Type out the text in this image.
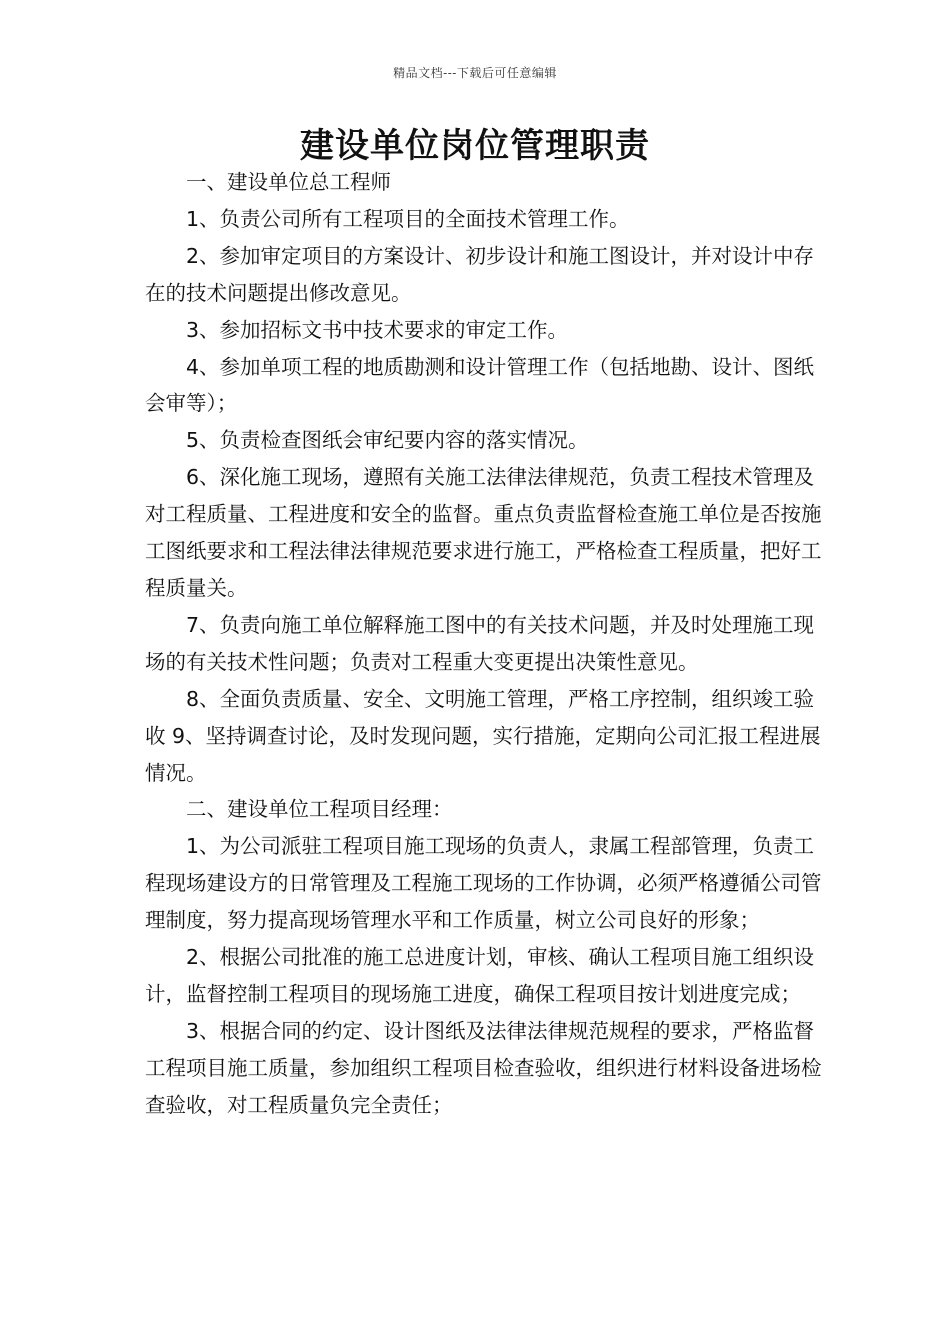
精品文档---下载后可任意编辑
建设单位岗位管理职责

一、建设单位总工程师

1、负责公司所有工程项目的全面技术管理工作。

2、参加审定项目的方案设计、初步设计和施工图设计，并对设计中存在的技术问题提出修改意见。

3、参加招标文书中技术要求的审定工作。

4、参加单项工程的地质勘测和设计管理工作（包括地勘、设计、图纸会审等）；

5、负责检查图纸会审纪要内容的落实情况。

6、深化施工现场，遵照有关施工法律法律规范，负责工程技术管理及对工程质量、工程进度和安全的监督。重点负责监督检查施工单位是否按施工图纸要求和工程法律法律规范要求进行施工，严格检查工程质量，把好工程质量关。

7、负责向施工单位解释施工图中的有关技术问题，并及时处理施工现场的有关技术性问题；负责对工程重大变更提出决策性意见。

8、全面负责质量、安全、文明施工管理，严格工序控制，组织竣工验收 9、坚持调查讨论，及时发现问题，实行措施，定期向公司汇报工程进展情况。

二、建设单位工程项目经理：

1、为公司派驻工程项目施工现场的负责人，隶属工程部管理，负责工程现场建设方的日常管理及工程施工现场的工作协调，必须严格遵循公司管理制度，努力提高现场管理水平和工作质量，树立公司良好的形象；

2、根据公司批准的施工总进度计划，审核、确认工程项目施工组织设计，监督控制工程项目的现场施工进度，确保工程项目按计划进度完成；

3、根据合同的约定、设计图纸及法律法律规范规程的要求，严格监督工程项目施工质量，参加组织工程项目检查验收，组织进行材料设备进场检查验收，对工程质量负完全责任；
